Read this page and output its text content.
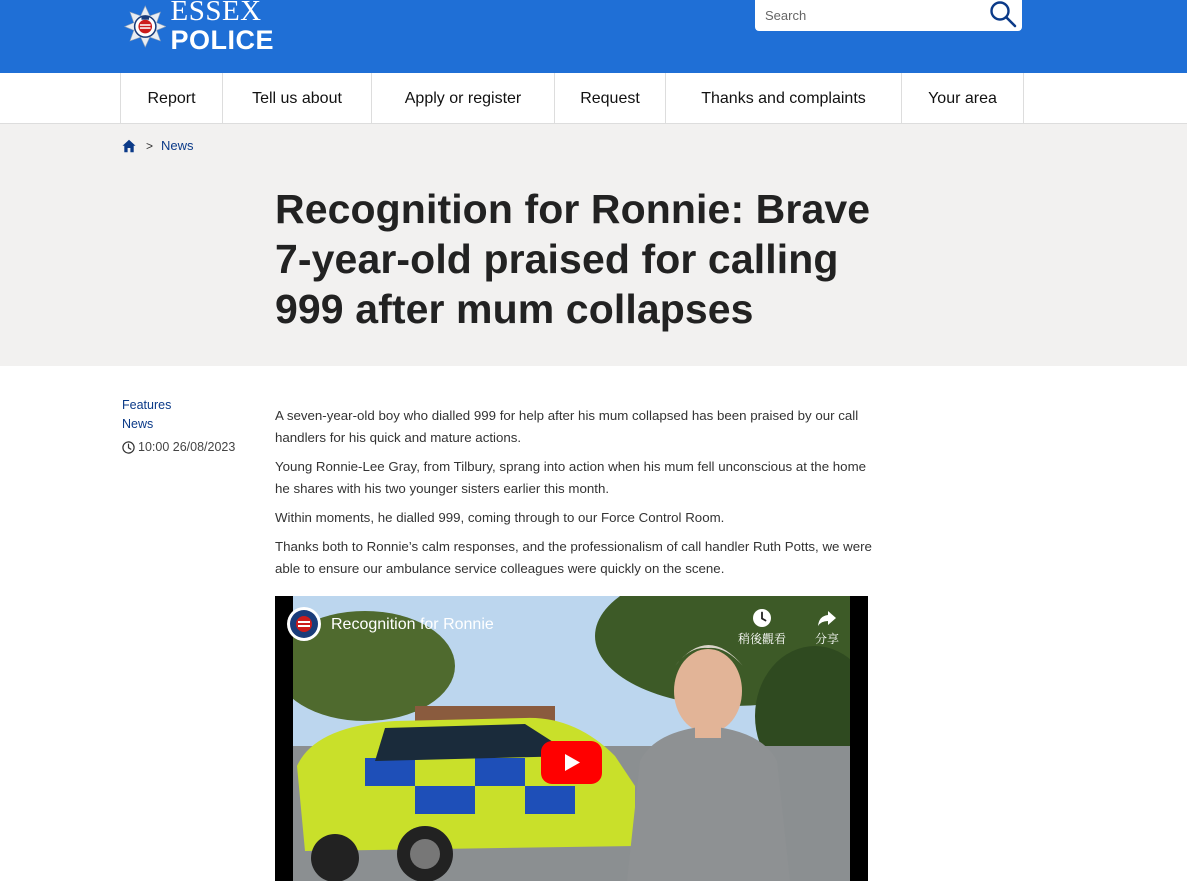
ESSEX
POLICE
Search
Report	Tell us about	Apply or register	Request	Thanks and complaints	Your area
> News
Recognition for Ronnie: Brave 7-year-old praised for calling 999 after mum collapses
Features
News
10:00 26/08/2023

A seven-year-old boy who dialled 999 for help after his mum collapsed has been praised by our call handlers for his quick and mature actions.

Young Ronnie-Lee Gray, from Tilbury, sprang into action when his mum fell unconscious at the home he shares with his two younger sisters earlier this month.

Within moments, he dialled 999, coming through to our Force Control Room.

Thanks both to Ronnie’s calm responses, and the professionalism of call handler Ruth Potts, we were able to ensure our ambulance service colleagues were quickly on the scene.

Recognition for Ronnie
稍後觀看	分享
